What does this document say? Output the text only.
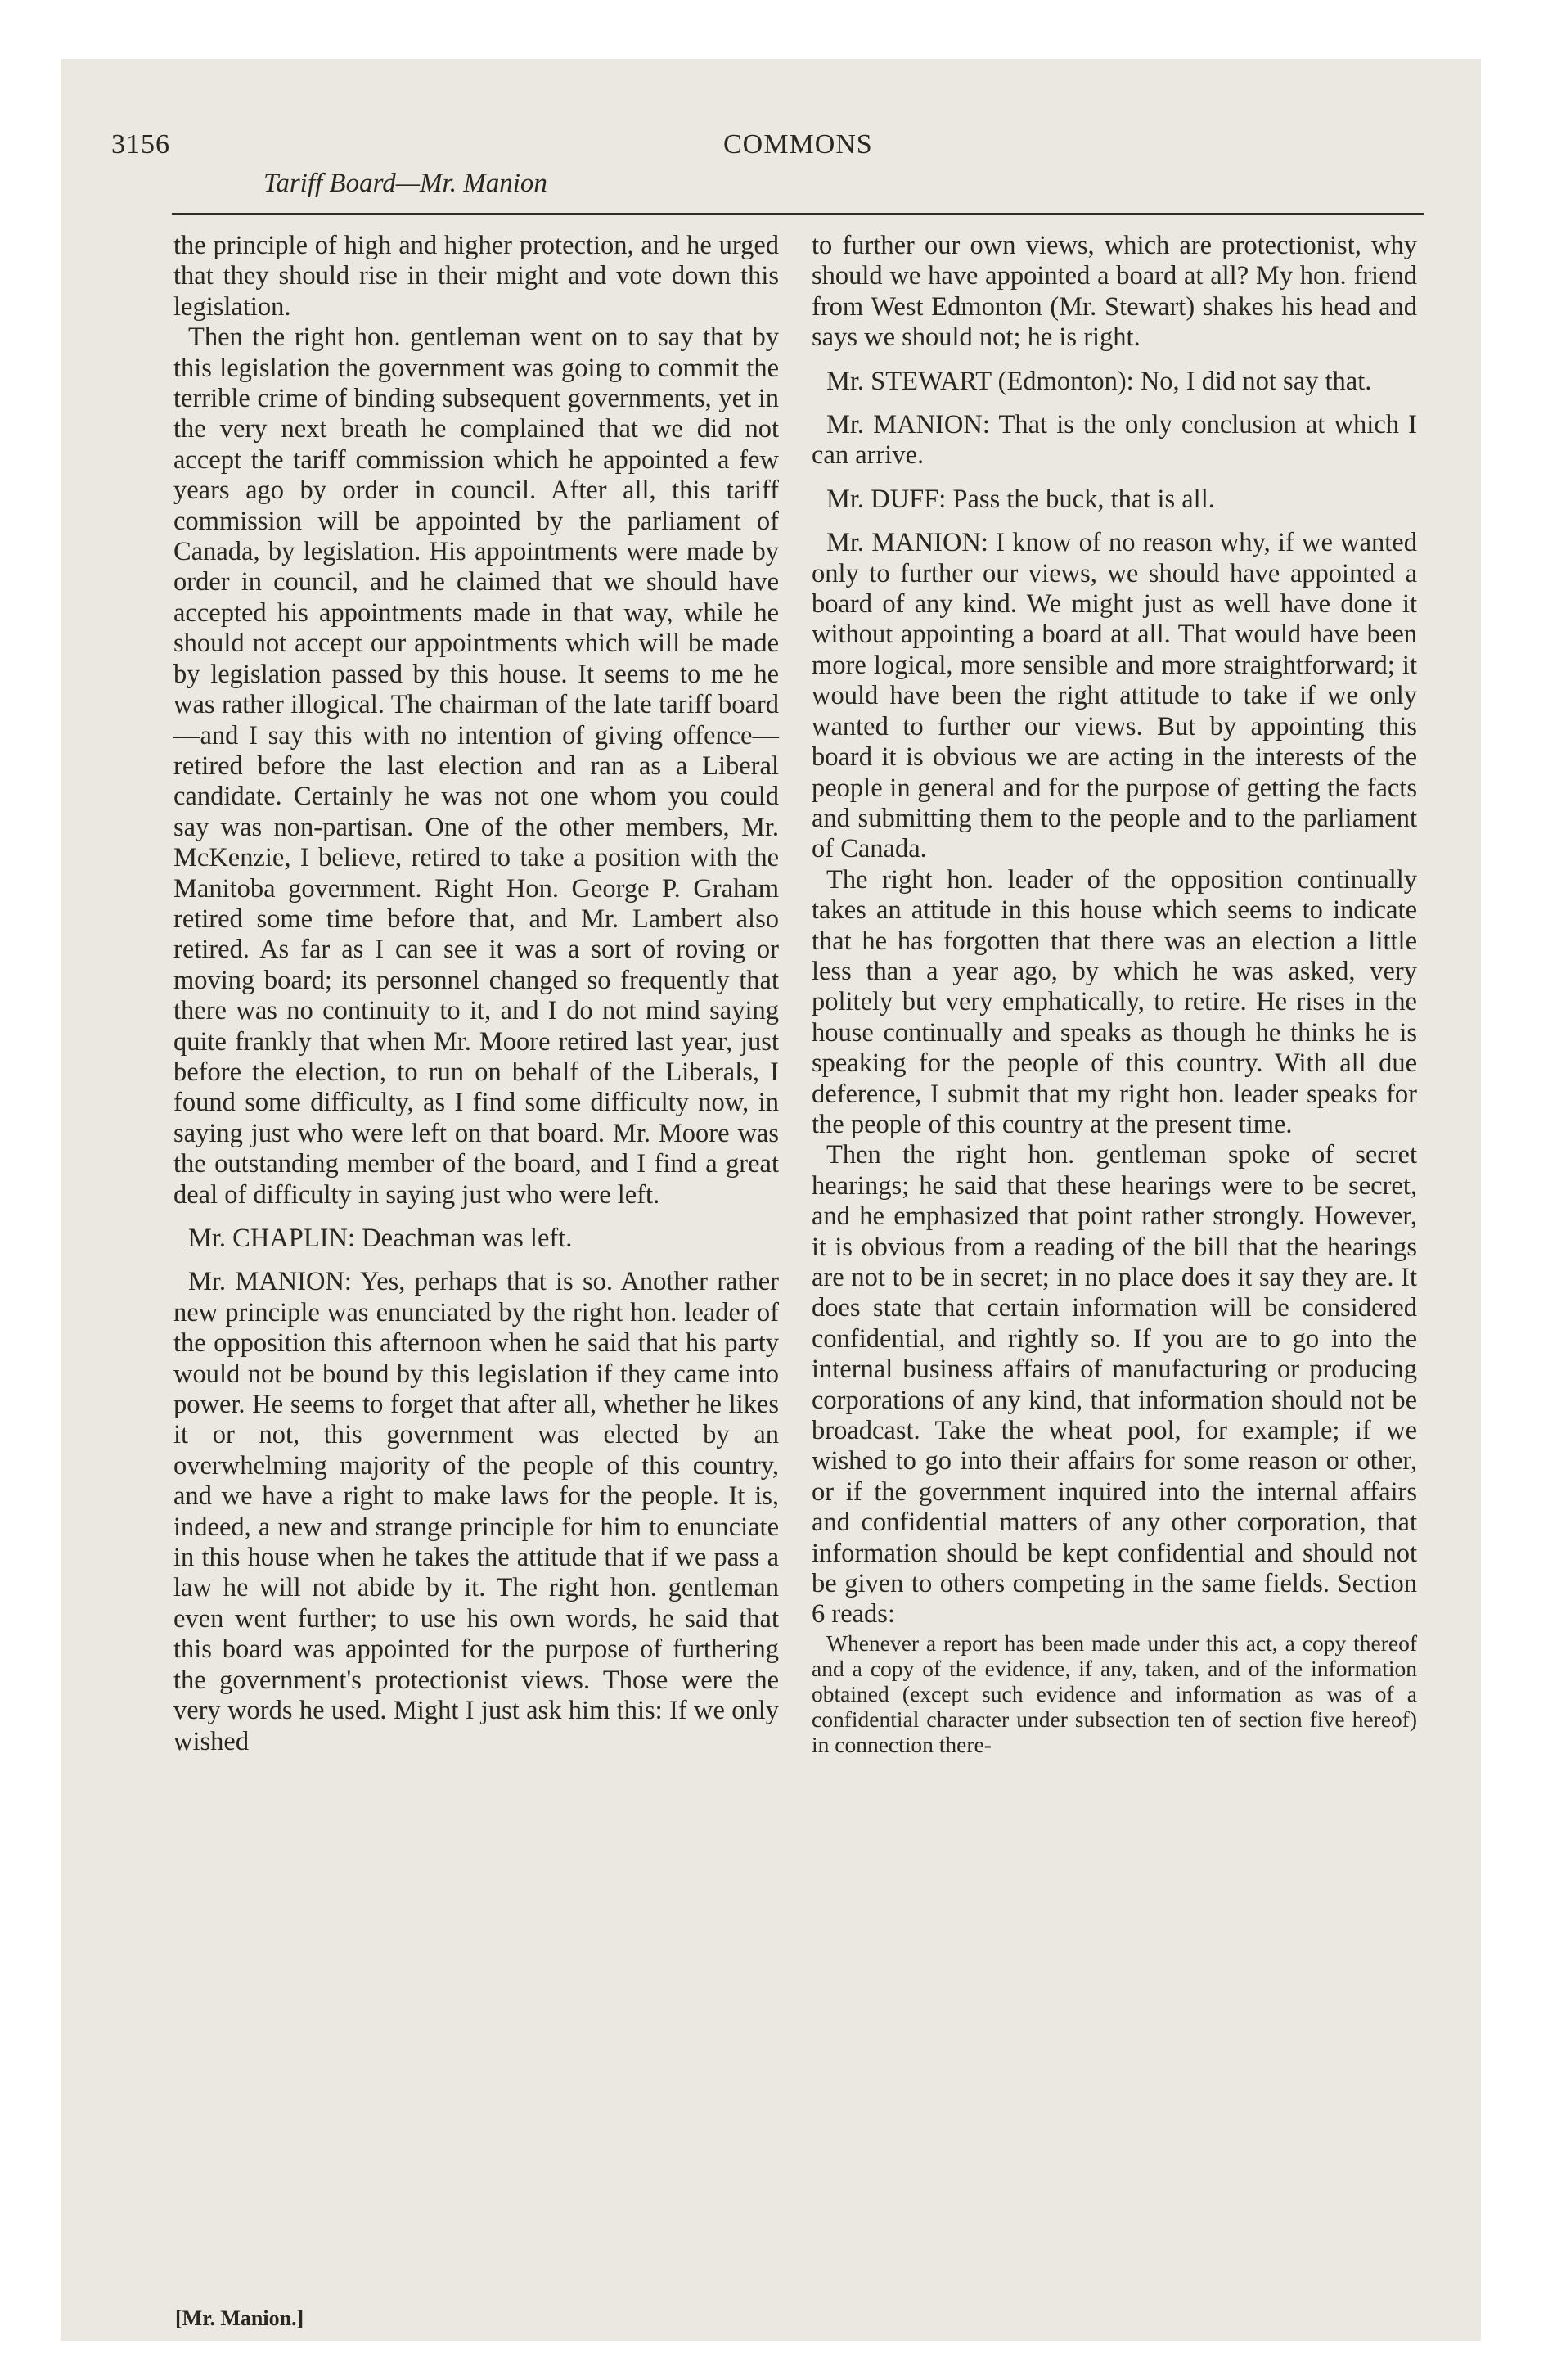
3156	COMMONS
Tariff Board—Mr. Manion

the principle of high and higher protection, and he urged that they should rise in their might and vote down this legislation.

Then the right hon. gentleman went on to say that by this legislation the government was going to commit the terrible crime of binding subsequent governments, yet in the very next breath he complained that we did not accept the tariff commission which he appointed a few years ago by order in council. After all, this tariff commission will be appointed by the parliament of Canada, by legislation. His appointments were made by order in council, and he claimed that we should have accepted his appointments made in that way, while he should not accept our appointments which will be made by legislation passed by this house. It seems to me he was rather illogical. The chairman of the late tariff board—and I say this with no intention of giving offence—retired before the last election and ran as a Liberal candidate. Certainly he was not one whom you could say was non-partisan. One of the other members, Mr. McKenzie, I believe, retired to take a position with the Manitoba government. Right Hon. George P. Graham retired some time before that, and Mr. Lambert also retired. As far as I can see it was a sort of roving or moving board; its personnel changed so frequently that there was no continuity to it, and I do not mind saying quite frankly that when Mr. Moore retired last year, just before the election, to run on behalf of the Liberals, I found some difficulty, as I find some difficulty now, in saying just who were left on that board. Mr. Moore was the outstanding member of the board, and I find a great deal of difficulty in saying just who were left.

Mr. CHAPLIN: Deachman was left.

Mr. MANION: Yes, perhaps that is so. Another rather new principle was enunciated by the right hon. leader of the opposition this afternoon when he said that his party would not be bound by this legislation if they came into power. He seems to forget that after all, whether he likes it or not, this government was elected by an overwhelming majority of the people of this country, and we have a right to make laws for the people. It is, indeed, a new and strange principle for him to enunciate in this house when he takes the attitude that if we pass a law he will not abide by it. The right hon. gentleman even went further; to use his own words, he said that this board was appointed for the purpose of furthering the government's protectionist views. Those were the very words he used. Might I just ask him this: If we only wished

to further our own views, which are protectionist, why should we have appointed a board at all? My hon. friend from West Edmonton (Mr. Stewart) shakes his head and says we should not; he is right.

Mr. STEWART (Edmonton): No, I did not say that.

Mr. MANION: That is the only conclusion at which I can arrive.

Mr. DUFF: Pass the buck, that is all.

Mr. MANION: I know of no reason why, if we wanted only to further our views, we should have appointed a board of any kind. We might just as well have done it without appointing a board at all. That would have been more logical, more sensible and more straightforward; it would have been the right attitude to take if we only wanted to further our views. But by appointing this board it is obvious we are acting in the interests of the people in general and for the purpose of getting the facts and submitting them to the people and to the parliament of Canada.

The right hon. leader of the opposition continually takes an attitude in this house which seems to indicate that he has forgotten that there was an election a little less than a year ago, by which he was asked, very politely but very emphatically, to retire. He rises in the house continually and speaks as though he thinks he is speaking for the people of this country. With all due deference, I submit that my right hon. leader speaks for the people of this country at the present time.

Then the right hon. gentleman spoke of secret hearings; he said that these hearings were to be secret, and he emphasized that point rather strongly. However, it is obvious from a reading of the bill that the hearings are not to be in secret; in no place does it say they are. It does state that certain information will be considered confidential, and rightly so. If you are to go into the internal business affairs of manufacturing or producing corporations of any kind, that information should not be broadcast. Take the wheat pool, for example; if we wished to go into their affairs for some reason or other, or if the government inquired into the internal affairs and confidential matters of any other corporation, that information should be kept confidential and should not be given to others competing in the same fields. Section 6 reads:

Whenever a report has been made under this act, a copy thereof and a copy of the evidence, if any, taken, and of the information obtained (except such evidence and information as was of a confidential character under subsection ten of section five hereof) in connection there-

[Mr. Manion.]
